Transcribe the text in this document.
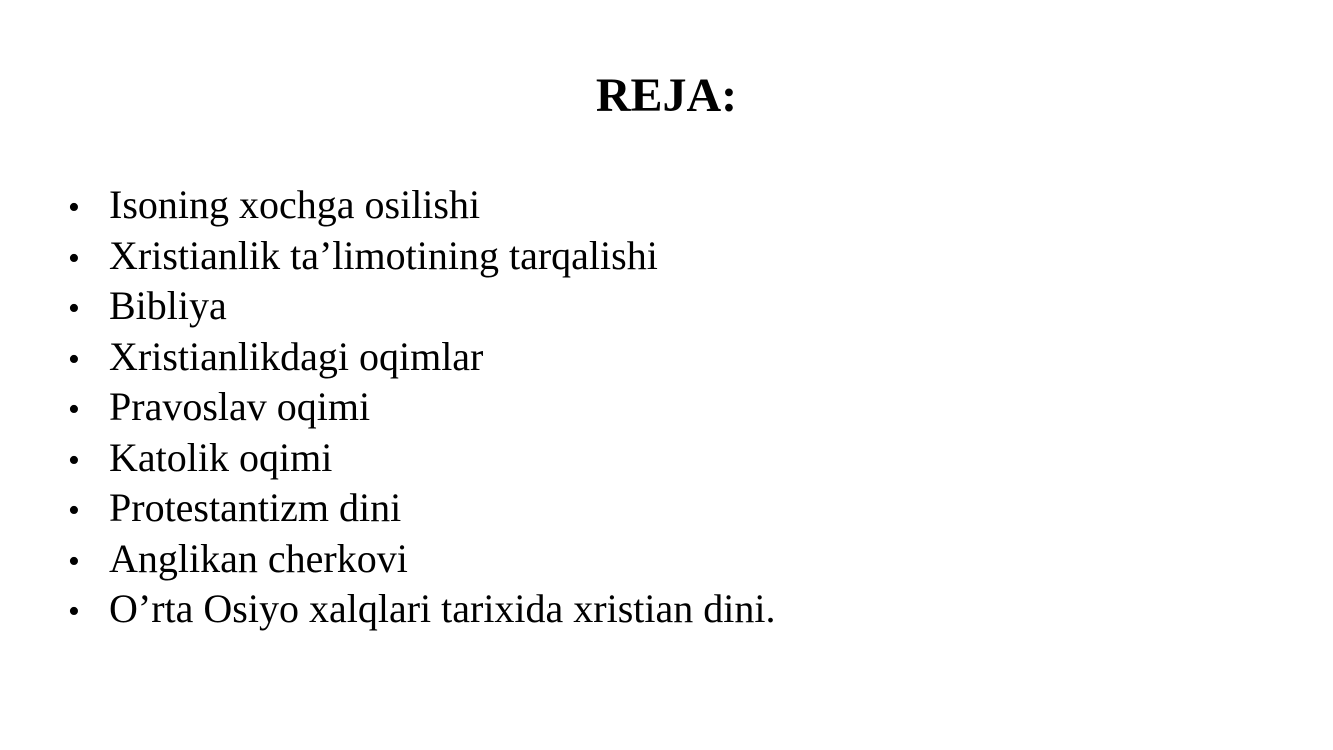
REJA:
• Isoning xochga osilishi
• Xristianlik ta’limotining tarqalishi
• Bibliya
• Xristianlikdagi oqimlar
• Pravoslav oqimi
• Katolik oqimi
• Protestantizm dini
• Anglikan cherkovi
• O’rta Osiyo xalqlari tarixida xristian dini.
